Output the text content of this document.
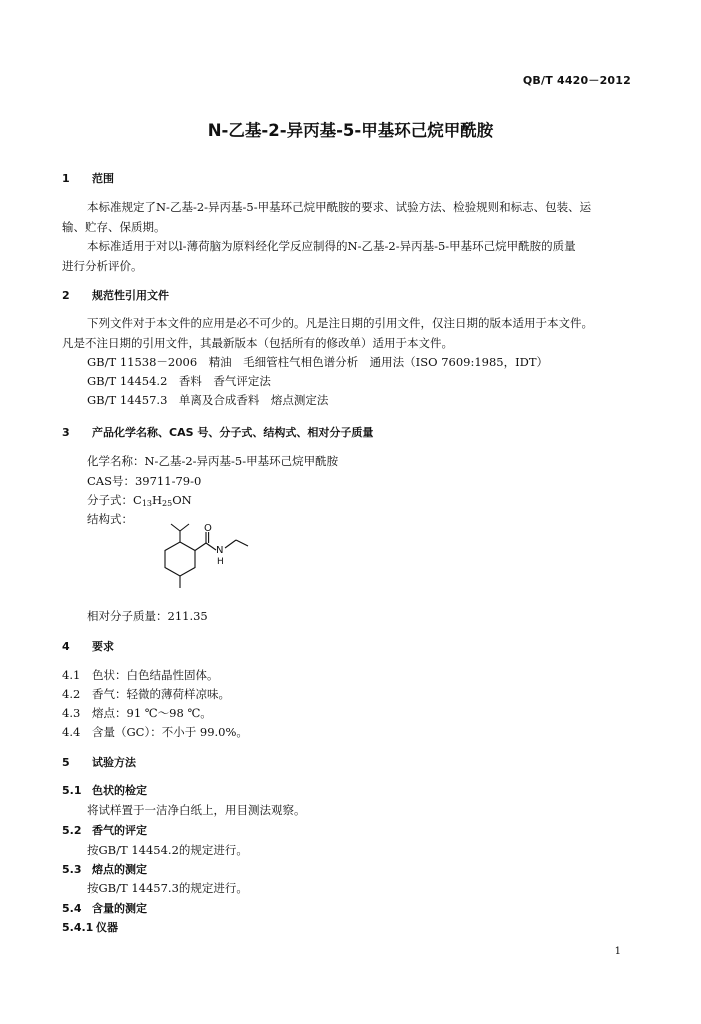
QB/T 4420－2012
N-乙基-2-异丙基-5-甲基环己烷甲酰胺
1 范围
本标准规定了N-乙基-2-异丙基-5-甲基环己烷甲酰胺的要求、试验方法、检验规则和标志、包装、运
输、贮存、保质期。
本标准适用于对以l-薄荷脑为原料经化学反应制得的N-乙基-2-异丙基-5-甲基环己烷甲酰胺的质量
进行分析评价。
2 规范性引用文件
下列文件对于本文件的应用是必不可少的。凡是注日期的引用文件，仅注日期的版本适用于本文件。
凡是不注日期的引用文件，其最新版本（包括所有的修改单）适用于本文件。
GB/T 11538－2006　精油　毛细管柱气相色谱分析　通用法（ISO 7609:1985，IDT）
GB/T 14454.2　香料　香气评定法
GB/T 14457.3　单离及合成香料　熔点测定法
3 产品化学名称、CAS 号、分子式、结构式、相对分子质量
化学名称：N-乙基-2-异丙基-5-甲基环己烷甲酰胺
CAS号：39711-79-0
分子式：$C_{13}H_{25}ON$
结构式：
O
N
H
相对分子质量：211.35
4 要求
4.1 色状：白色结晶性固体。
4.2 香气：轻微的薄荷样凉味。
4.3 熔点：91 ℃～98 ℃。
4.4 含量（GC）：不小于 99.0%。
5 试验方法
5.1 色状的检定
将试样置于一洁净白纸上，用目测法观察。
5.2 香气的评定
按GB/T 14454.2的规定进行。
5.3 熔点的测定
按GB/T 14457.3的规定进行。
5.4 含量的测定
5.4.1 仪器
1
